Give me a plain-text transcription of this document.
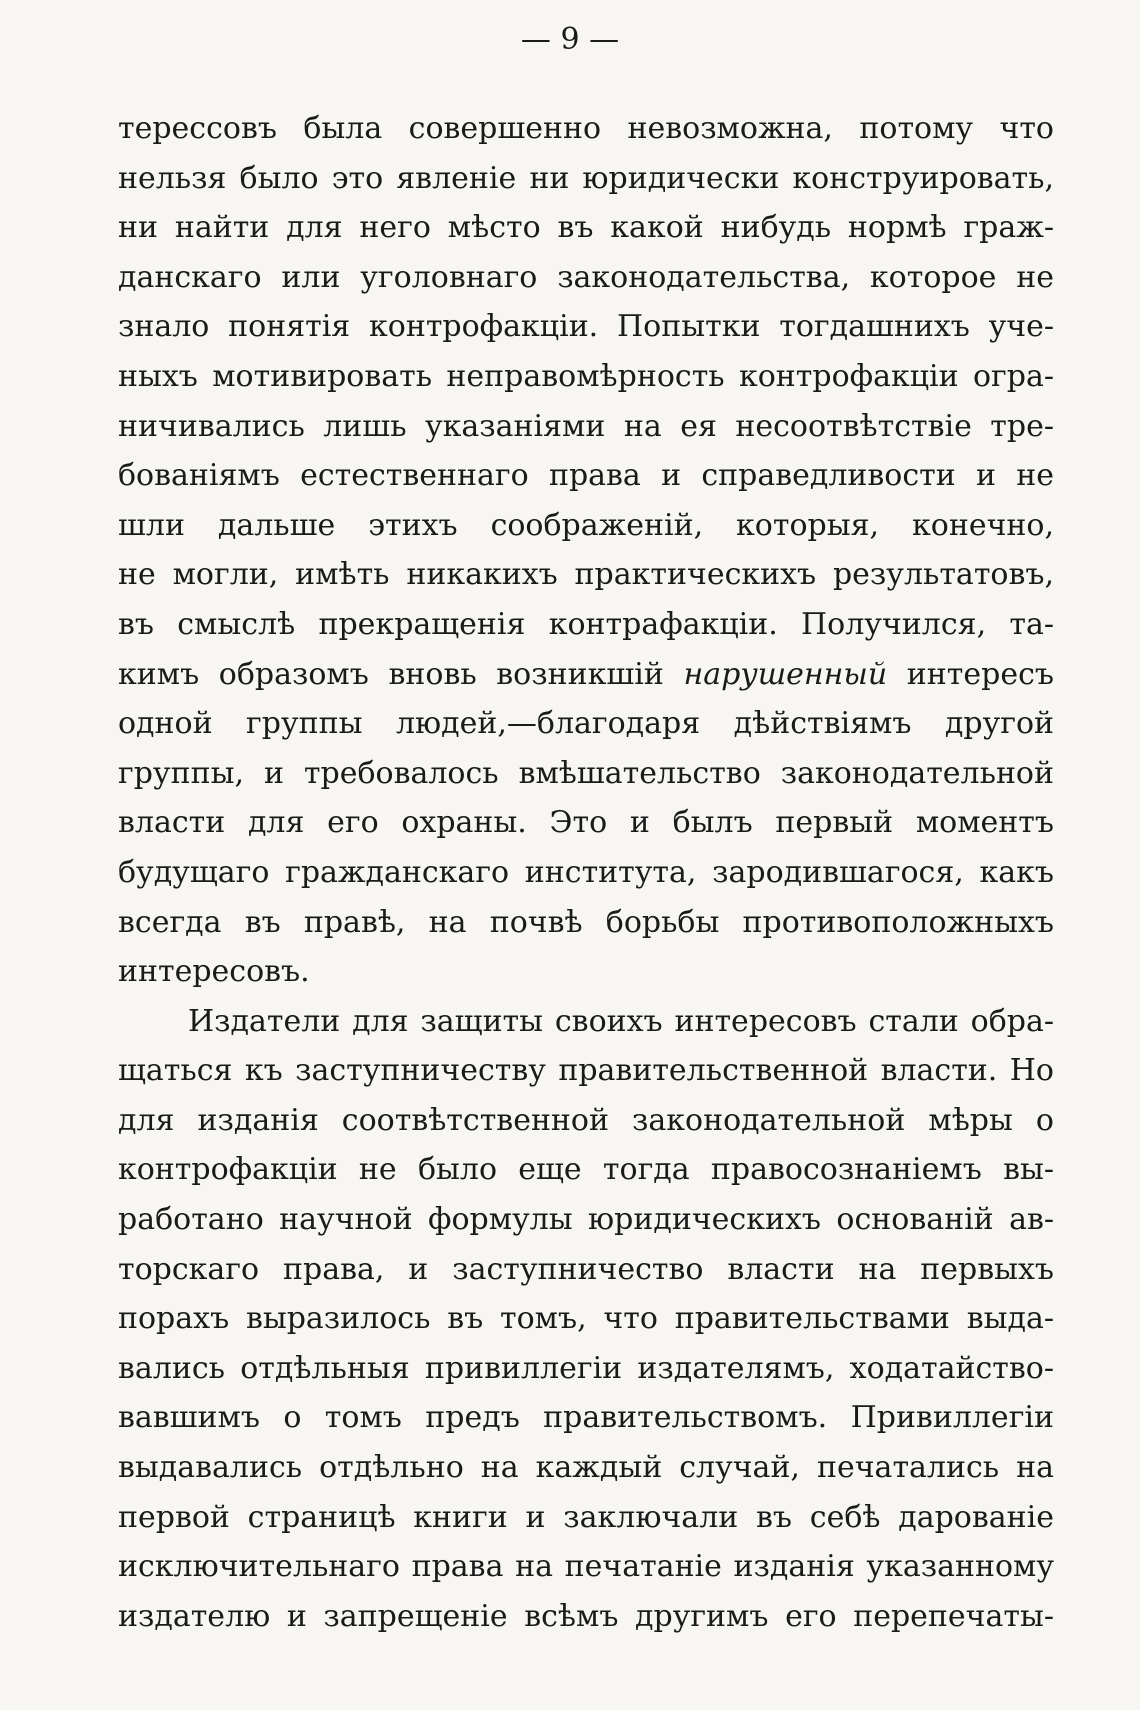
— 9 —
терессовъ была совершенно невозможна, потому что
нельзя было это явленіе ни юридически конструировать,
ни найти для него мѣсто въ какой нибудь нормѣ граж-
данскаго или уголовнаго законодательства, которое не
знало понятія контрофакціи. Попытки тогдашнихъ уче-
ныхъ мотивировать неправомѣрность контрофакціи огра-
ничивались лишь указаніями на ея несоотвѣтствіе тре-
бованіямъ естественнаго права и справедливости и не
шли дальше этихъ соображеній, которыя, конечно,
не могли, имѣть никакихъ практическихъ результатовъ,
въ смыслѣ прекращенія контрафакціи. Получился, та-
кимъ образомъ вновь возникшій нарушенный интересъ
одной группы людей,—благодаря дѣйствіямъ другой
группы, и требовалось вмѣшательство законодательной
власти для его охраны. Это и былъ первый моментъ
будущаго гражданскаго института, зародившагося, какъ
всегда въ правѣ, на почвѣ борьбы противоположныхъ
интересовъ.
Издатели для защиты своихъ интересовъ стали обра-
щаться къ заступничеству правительственной власти. Но
для изданія соотвѣтственной законодательной мѣры о
контрофакціи не было еще тогда правосознаніемъ вы-
работано научной формулы юридическихъ основаній ав-
торскаго права, и заступничество власти на первыхъ
порахъ выразилось въ томъ, что правительствами выда-
вались отдѣльныя привиллегіи издателямъ, ходатайство-
вавшимъ о томъ предъ правительствомъ. Привиллегіи
выдавались отдѣльно на каждый случай, печатались на
первой страницѣ книги и заключали въ себѣ дарованіе
исключительнаго права на печатаніе изданія указанному
издателю и запрещеніе всѣмъ другимъ его перепечаты-
